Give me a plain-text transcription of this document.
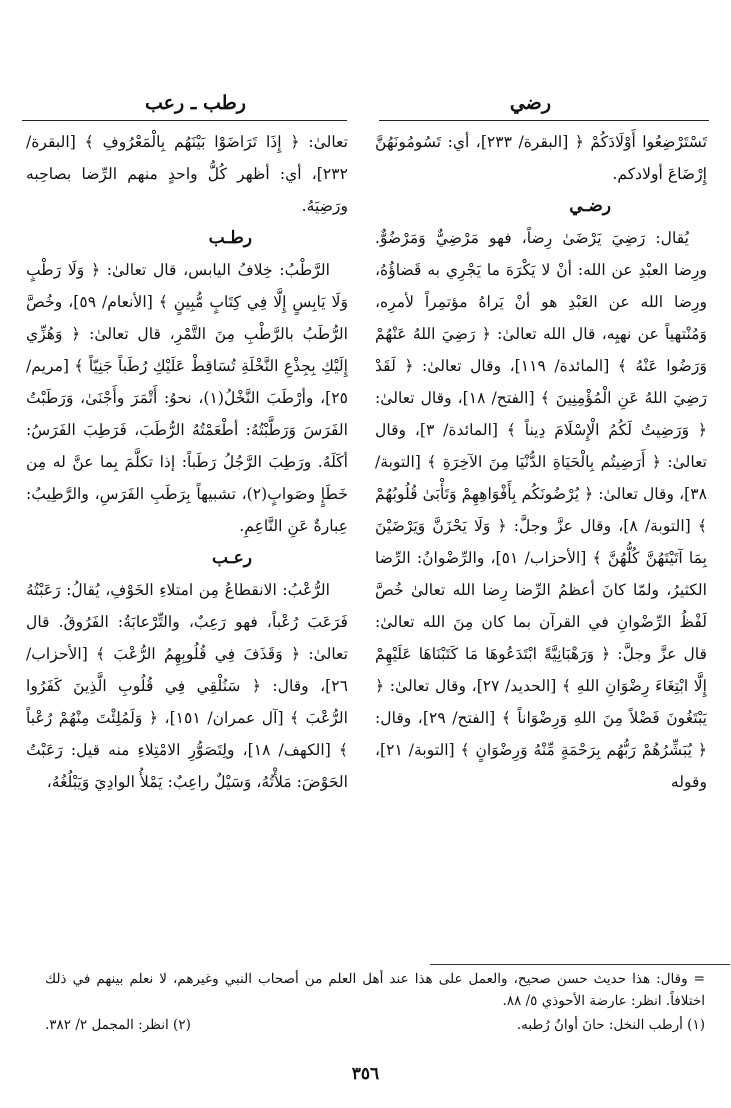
رضي
رطب ـ رعب

تَسْتَرْضِعُوا أَوْلَادَكُمْ ﴿ [البقرة/ ٢٣٣]، أي: تَسُومُونَهُنَّ إِرْضَاعَ أولادكم.

رضـي

يُقال: رَضِيَ يَرْضَىٰ رِضاً، فهو مَرْضِيٌّ وَمَرْضُوٌّ. ورِضا العبْدِ عن الله: أنْ لا يَكْرَهَ ما يَجْرِي به قَضاؤُهُ، ورِضا الله عن العَبْدِ هو أنْ يَراهُ مؤتمِراً لأمرِه، وَمُنْتهياً عن نهيِه، قال الله تعالىٰ: ﴿ رَضِيَ اللهُ عَنْهُمْ وَرَضُوا عَنْهُ ﴾ [المائدة/ ١١٩]، وقال تعالىٰ: ﴿ لَقَدْ رَضِيَ اللهُ عَنِ الْمُؤْمِنِينَ ﴾ [الفتح/ ١٨]، وقال تعالىٰ: ﴿ وَرَضِيتُ لَكُمُ الْإِسْلَامَ دِيناً ﴾ [المائدة/ ٣]، وقال تعالىٰ: ﴿ أَرَضِيتُم بِالْحَيَاةِ الدُّنْيَا مِنَ الآخِرَةِ ﴾ [التوبة/ ٣٨]، وقال تعالىٰ: ﴿ يُرْضُونَكُم بِأَفْوَاهِهِمْ وَتَأْبَىٰ قُلُوبُهُمْ ﴾ [التوبة/ ٨]، وقال عزَّ وجلَّ: ﴿ وَلَا يَحْزَنَّ وَيَرْضَيْنَ بِمَا آتَيْتَهُنَّ كُلُّهُنَّ ﴾ [الأحزاب/ ٥١]، والرِّضْوانُ: الرِّضا الكثيرُ، ولمّا كانَ أعظمُ الرِّضا رِضا الله تعالىٰ خُصَّ لَفْظُ الرِّضْوانِ في القرآن بما كان مِنَ الله تعالىٰ: قال عزَّ وجلَّ: ﴿ وَرَهْبَانِيَّةً ابْتَدَعُوهَا مَا كَتَبْنَاهَا عَلَيْهِمْ إِلَّا ابْتِغَاءَ رِضْوَانِ اللهِ ﴾ [الحديد/ ٢٧]، وقال تعالىٰ: ﴿ يَبْتَغُونَ فَضْلاً مِنَ اللهِ وَرِضْوَاناً ﴾ [الفتح/ ٢٩]، وقال: ﴿ يُبَشِّرُهُمْ رَبُّهُم بِرَحْمَةٍ مِّنْهُ وَرِضْوَانٍ ﴾ [التوبة/ ٢١]، وقوله

تعالىٰ: ﴿ إِذَا تَرَاضَوْا بَيْنَهُم بِالْمَعْرُوفِ ﴾ [البقرة/ ٢٣٢]، أي: أظهر كُلُّ واحدٍ منهم الرِّضا بصاحِبه ورَضِيَهُ.

رطـب

الرَّطْبُ: خِلافُ اليابس، قال تعالىٰ: ﴿ وَلَا رَطْبٍ وَلَا يَابِسٍ إِلَّا فِي كِتَابٍ مُّبِينٍ ﴾ [الأنعام/ ٥٩]، وخُصَّ الرُّطَبُ بالرَّطْبِ مِنَ التَّمْرِ، قال تعالىٰ: ﴿ وَهُزِّي إِلَيْكِ بِجِذْعِ النَّخْلَةِ تُسَاقِطْ عَلَيْكِ رُطَباً جَنِيّاً ﴾ [مريم/ ٢٥]، وأرْطَبَ النَّخْلُ(١)، نحوُ: أَتْمَرَ وأَجْنَىٰ، وَرَطَبْتُ الفَرَسَ وَرَطَّبْتُهُ: أطْعَمْتُهُ الرُّطَبَ، فَرَطِبَ الفَرَسُ: أكَلَهُ. ورَطِبَ الرَّجُلُ رَطَباً: إذا تكلَّمَ بِما عنَّ له مِن خَطَإٍ وصَوابٍ(٢)، تشبيهاً بِرَطَبِ الفَرَسِ، والرَّطِيبُ: عِبارةٌ عَنِ النَّاعِمِ.

رعـب

الرُّعْبُ: الانقطاعُ مِن امتلاءِ الخَوْفِ، يُقالُ: رَعَبْتُهُ فَرَعَبَ رُعْباً، فهو رَعِبٌ، والتِّرْعابَةُ: الفَرُوقُ. قال تعالىٰ: ﴿ وَقَذَفَ فِي قُلُوبِهِمُ الرُّعْبَ ﴾ [الأحزاب/ ٢٦]، وقال: ﴿ سَنُلْقِي فِي قُلُوبِ الَّذِينَ كَفَرُوا الرُّعْبَ ﴾ [آل عمران/ ١٥١]، ﴿ وَلَمُلِئْتَ مِنْهُمْ رُعْباً ﴾ [الكهف/ ١٨]، ولِتَصَوُّرِ الامْتِلاءِ منه قيل: رَعَبْتُ الحَوْضَ: مَلأْتُهُ، وَسَيْلٌ راعِبٌ: يَمْلأُ الوادِيَ وَيَبْلُغُهُ،

= وقال: هذا حديث حسن صحيح، والعمل على هذا عند أهل العلم من أصحاب النبي وغيرهم، لا نعلم بينهم في ذلك اختلافاً. انظر: عارضة الأحوذي ٥/ ٨٨.

(١) أرطب النخل: حانَ أوانُ رُطبه.
(٢) انظر: المجمل ٢/ ٣٨٢.

٣٥٦
